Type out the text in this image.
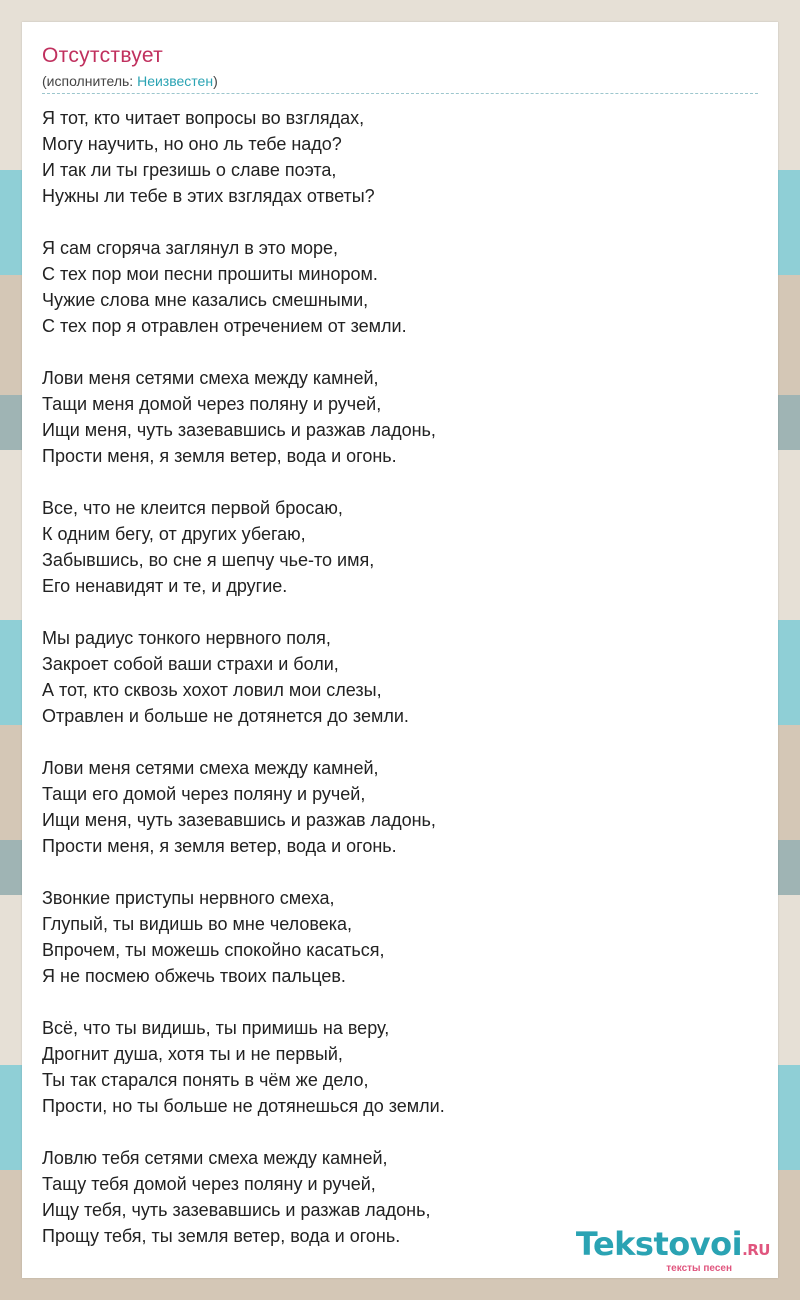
Отсутствует
(исполнитель: Неизвестен)
Я тот, кто читает вопросы во взглядах,
Могу научить, но оно ль тебе надо?
И так ли ты грезишь о славе поэта,
Нужны ли тебе в этих взглядах ответы?
Я сам сгоряча заглянул в это море,
С тех пор мои песни прошиты минором.
Чужие слова мне казались смешными,
С тех пор я отравлен отречением от земли.
Лови меня сетями смеха между камней,
Тащи меня домой через поляну и ручей,
Ищи меня, чуть зазевавшись и разжав ладонь,
Прости меня, я земля ветер, вода и огонь.
Все, что не клеится первой бросаю,
К одним бегу, от других убегаю,
Забывшись, во сне я шепчу чье-то имя,
Его ненавидят и те, и другие.
Мы радиус тонкого нервного поля,
Закроет собой ваши страхи и боли,
А тот, кто сквозь хохот ловил мои слезы,
Отравлен и больше не дотянется до земли.
Лови меня сетями смеха между камней,
Тащи его домой через поляну и ручей,
Ищи меня, чуть зазевавшись и разжав ладонь,
Прости меня, я земля ветер, вода и огонь.
Звонкие приступы нервного смеха,
Глупый, ты видишь во мне человека,
Впрочем, ты можешь спокойно касаться,
Я не посмею обжечь твоих пальцев.
Всё, что ты видишь, ты примишь на веру,
Дрогнит душа, хотя ты и не первый,
Ты так старался понять в чём же дело,
Прости, но ты больше не дотянешься до земли.
Ловлю тебя сетями смеха между камней,
Тащу тебя домой через поляну и ручей,
Ищу тебя, чуть зазевавшись и разжав ладонь,
Прощу тебя, ты земля ветер, вода и огонь.	Tekstovoi.RU
тексты песен
